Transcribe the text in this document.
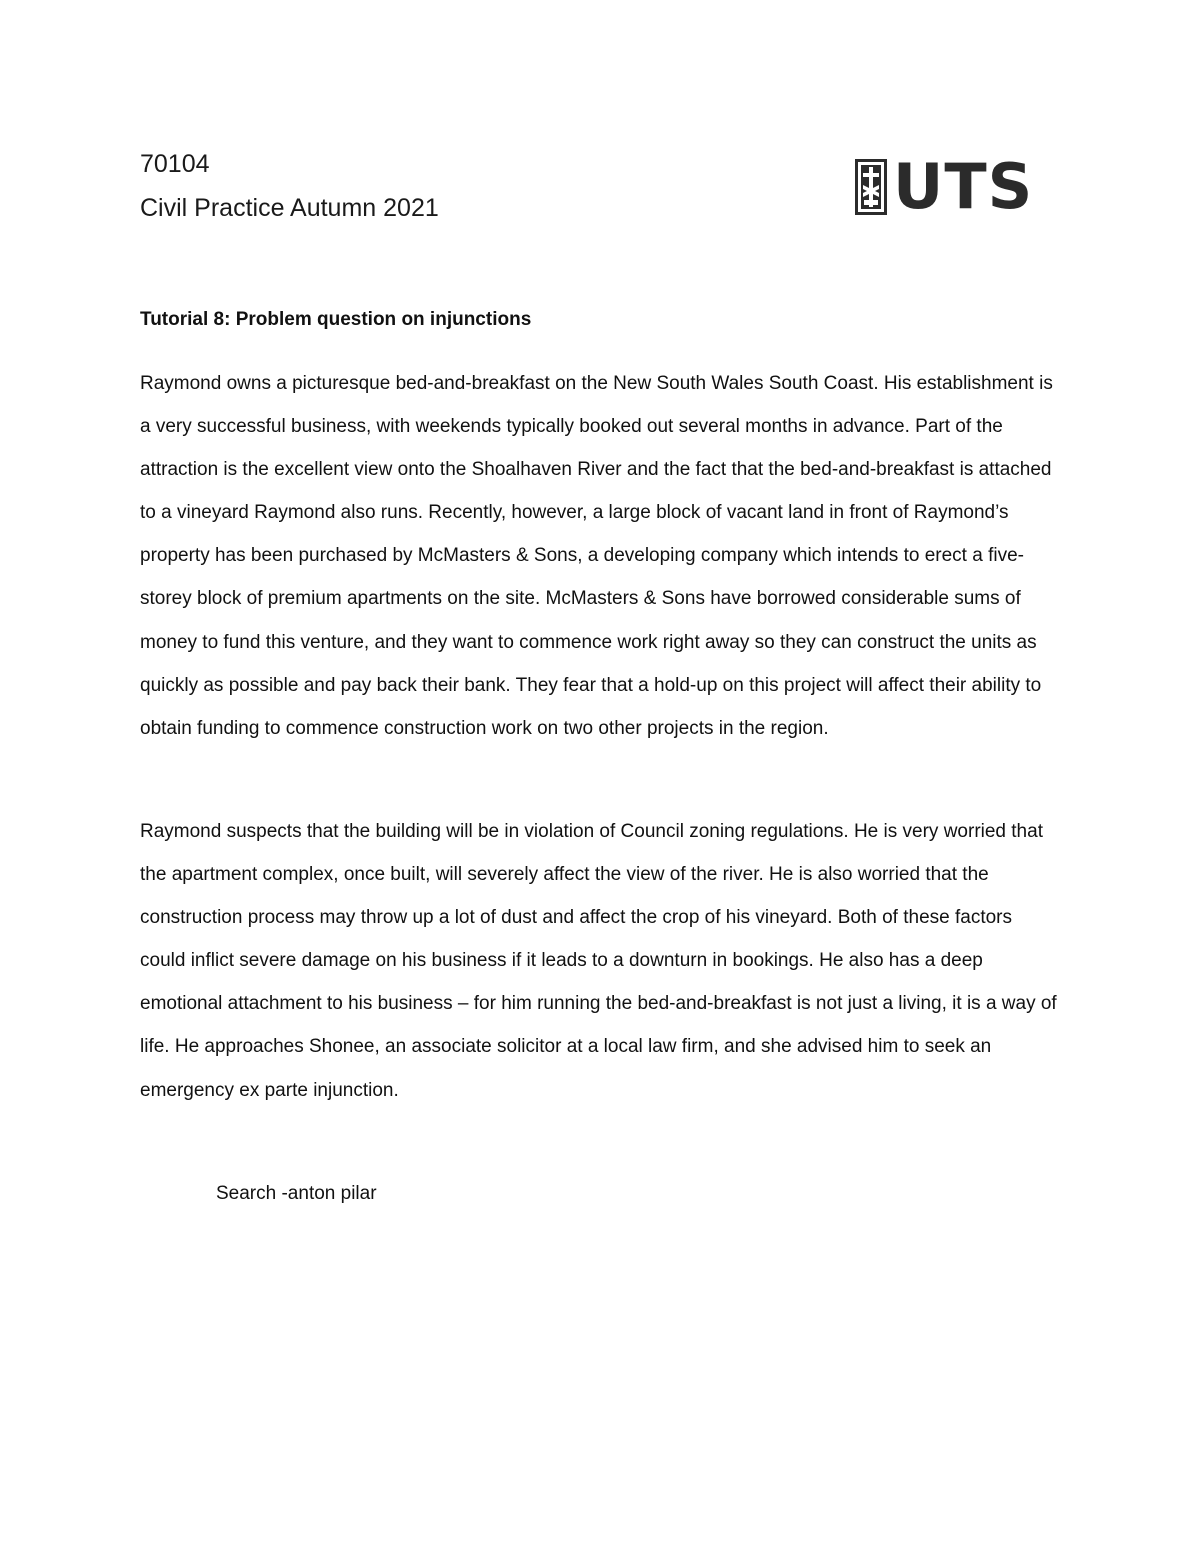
70104
Civil Practice Autumn 2021	UTS
Tutorial 8: Problem question on injunctions

Raymond owns a picturesque bed-and-breakfast on the New South Wales South Coast. His establishment is a very successful business, with weekends typically booked out several months in advance. Part of the attraction is the excellent view onto the Shoalhaven River and the fact that the bed-and-breakfast is attached to a vineyard Raymond also runs. Recently, however, a large block of vacant land in front of Raymond’s property has been purchased by McMasters & Sons, a developing company which intends to erect a five-storey block of premium apartments on the site. McMasters & Sons have borrowed considerable sums of money to fund this venture, and they want to commence work right away so they can construct the units as quickly as possible and pay back their bank. They fear that a hold-up on this project will affect their ability to obtain funding to commence construction work on two other projects in the region.

Raymond suspects that the building will be in violation of Council zoning regulations. He is very worried that the apartment complex, once built, will severely affect the view of the river. He is also worried that the construction process may throw up a lot of dust and affect the crop of his vineyard. Both of these factors could inflict severe damage on his business if it leads to a downturn in bookings. He also has a deep emotional attachment to his business – for him running the bed-and-breakfast is not just a living, it is a way of life. He approaches Shonee, an associate solicitor at a local law firm, and she advised him to seek an emergency ex parte injunction.

Search -anton pilar
